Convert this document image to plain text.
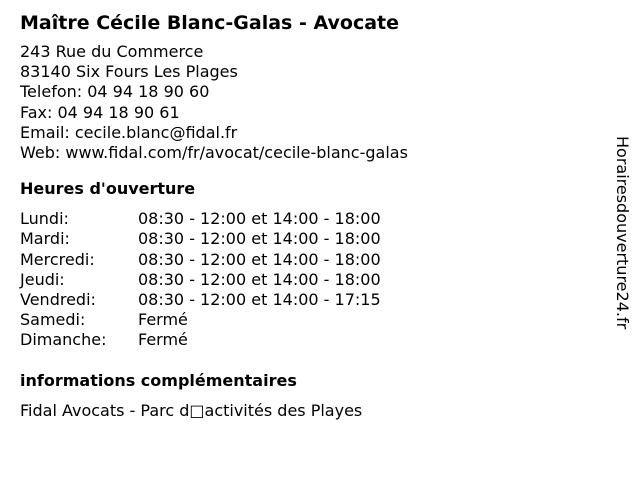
Maître Cécile Blanc-Galas - Avocate
243 Rue du Commerce
83140 Six Fours Les Plages
Telefon: 04 94 18 90 60
Fax: 04 94 18 90 61
Email: cecile.blanc@fidal.fr
Web: www.fidal.com/fr/avocat/cecile-blanc-galas
Heures d'ouverture
Lundi:	08:30 - 12:00 et 14:00 - 18:00
Mardi:	08:30 - 12:00 et 14:00 - 18:00
Mercredi:	08:30 - 12:00 et 14:00 - 18:00
Jeudi:	08:30 - 12:00 et 14:00 - 18:00
Vendredi:	08:30 - 12:00 et 14:00 - 17:15
Samedi:	Fermé
Dimanche:	Fermé
informations complémentaires
Fidal Avocats - Parc d□activités des Playes
Horairesdouverture24.fr
